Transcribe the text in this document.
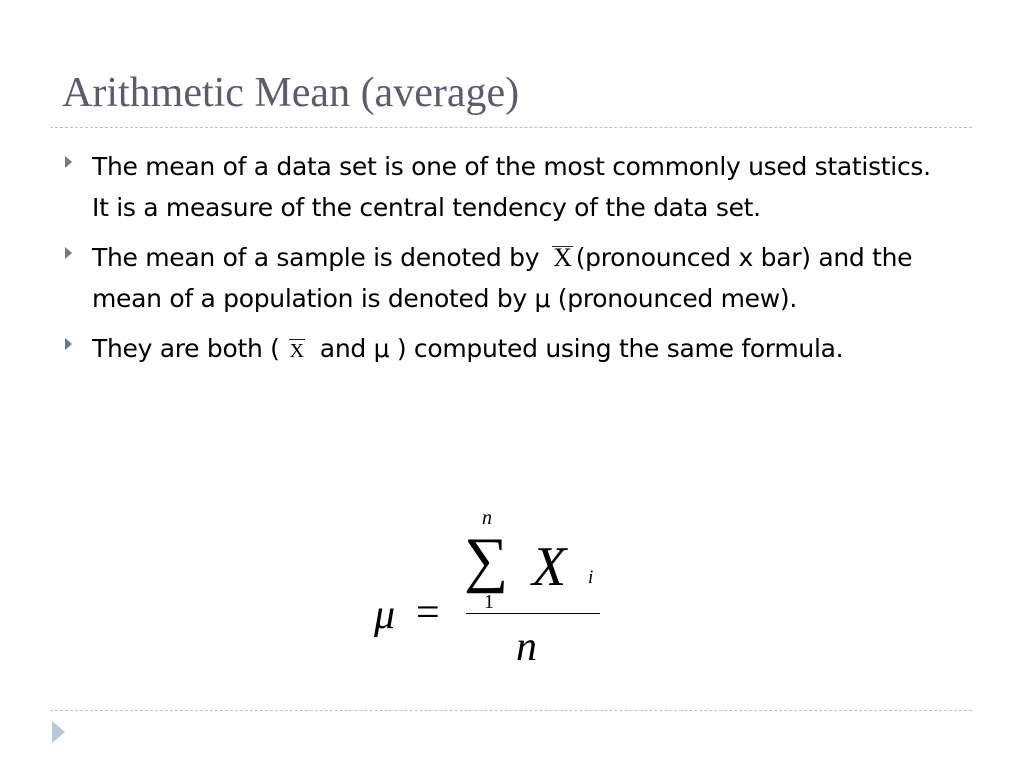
Arithmetic Mean (average)
The mean of a data set is one of the most commonly used statistics. It is a measure of the central tendency of the data set.
The mean of a sample is denoted by X (pronounced x bar) and the mean of a population is denoted by μ (pronounced mew).
They are both ( X and μ ) computed using the same formula.
μ =
n
∑ X i
1
n
